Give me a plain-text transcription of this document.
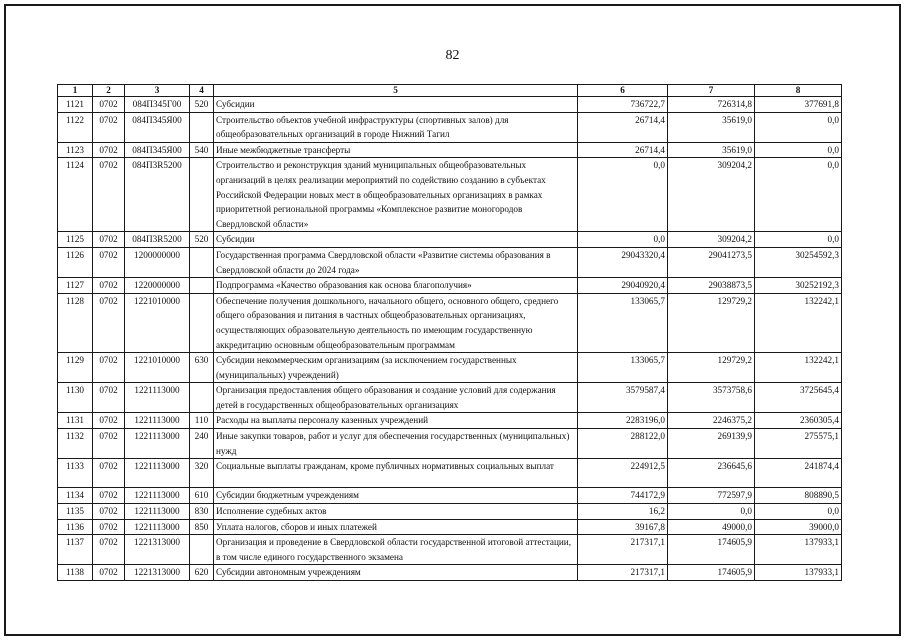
82
1	2	3	4	5	6	7	8
1121	0702	084П345Г00	520	Субсидии	736722,7	726314,8	377691,8
1122	0702	084П345Я00		Строительство объектов учебной инфраструктуры (спортивных залов) для общеобразовательных организаций в городе Нижний Тагил	26714,4	35619,0	0,0
1123	0702	084П345Я00	540	Иные межбюджетные трансферты	26714,4	35619,0	0,0
1124	0702	084П3R5200		Строительство и реконструкция зданий муниципальных общеобразовательных организаций в целях реализации мероприятий по содействию созданию в субъектах Российской Федерации новых мест в общеобразовательных организациях в рамках приоритетной региональной программы «Комплексное развитие моногородов Свердловской области»	0,0	309204,2	0,0
1125	0702	084П3R5200	520	Субсидии	0,0	309204,2	0,0
1126	0702	1200000000		Государственная программа Свердловской области «Развитие системы образования в Свердловской области до 2024 года»	29043320,4	29041273,5	30254592,3
1127	0702	1220000000		Подпрограмма «Качество образования как основа благополучия»	29040920,4	29038873,5	30252192,3
1128	0702	1221010000		Обеспечение получения дошкольного, начального общего, основного общего, среднего общего образования и питания в частных общеобразовательных организациях, осуществляющих образовательную деятельность по имеющим государственную аккредитацию основным общеобразовательным программам	133065,7	129729,2	132242,1
1129	0702	1221010000	630	Субсидии некоммерческим организациям (за исключением государственных (муниципальных) учреждений)	133065,7	129729,2	132242,1
1130	0702	1221113000		Организация предоставления общего образования и создание условий для содержания детей в государственных общеобразовательных организациях	3579587,4	3573758,6	3725645,4
1131	0702	1221113000	110	Расходы на выплаты персоналу казенных учреждений	2283196,0	2246375,2	2360305,4
1132	0702	1221113000	240	Иные закупки товаров, работ и услуг для обеспечения государственных (муниципальных) нужд	288122,0	269139,9	275575,1
1133	0702	1221113000	320	Социальные выплаты гражданам, кроме публичных нормативных социальных выплат	224912,5	236645,6	241874,4
1134	0702	1221113000	610	Субсидии бюджетным учреждениям	744172,9	772597,9	808890,5
1135	0702	1221113000	830	Исполнение судебных актов	16,2	0,0	0,0
1136	0702	1221113000	850	Уплата налогов, сборов и иных платежей	39167,8	49000,0	39000,0
1137	0702	1221313000		Организация и проведение в Свердловской области государственной итоговой аттестации, в том числе единого государственного экзамена	217317,1	174605,9	137933,1
1138	0702	1221313000	620	Субсидии автономным учреждениям	217317,1	174605,9	137933,1
